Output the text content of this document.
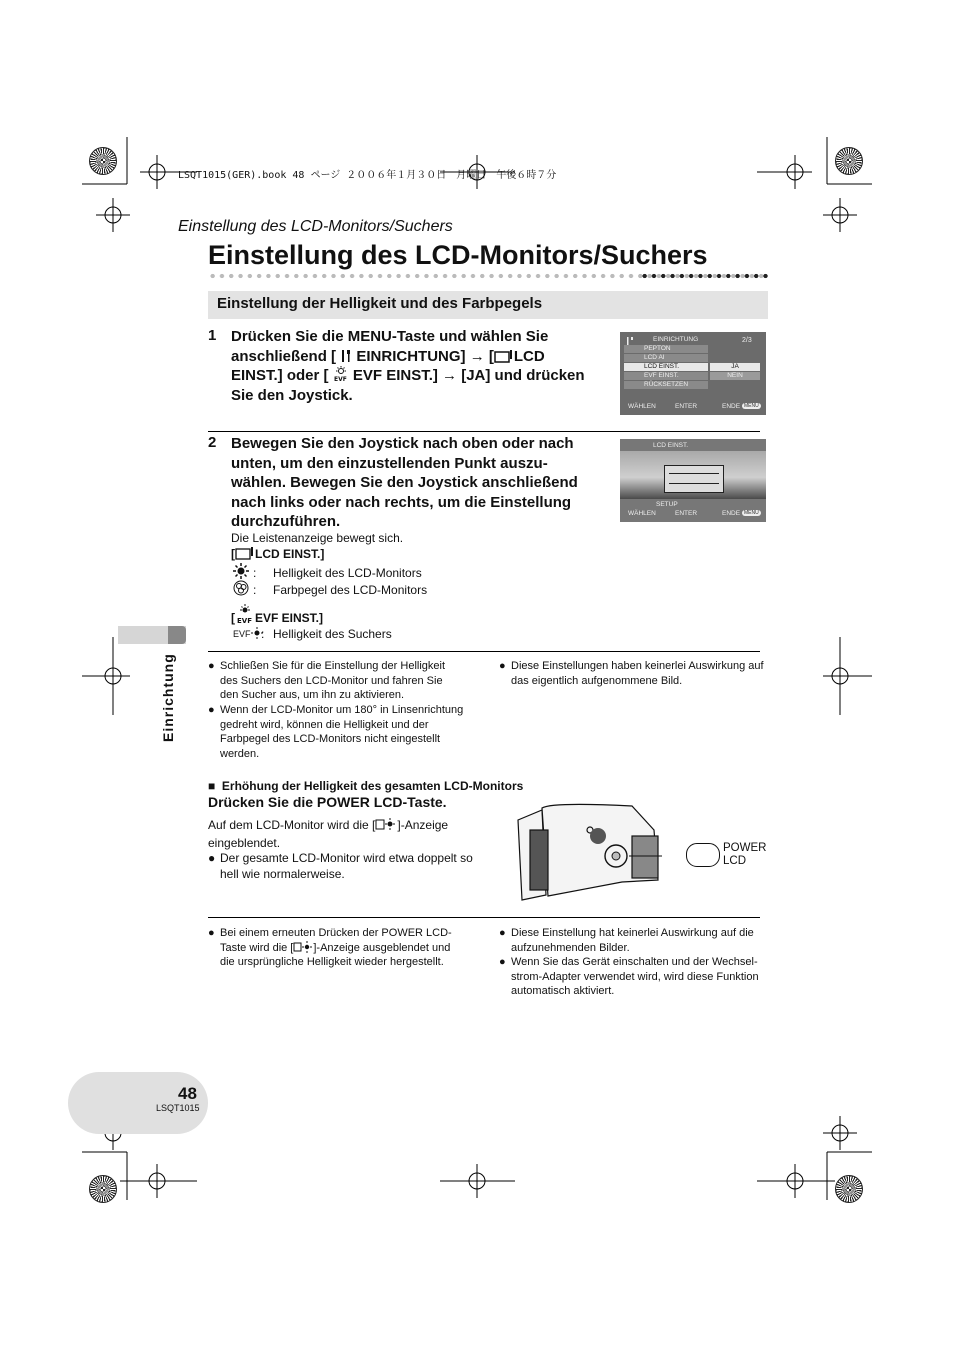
LSQT1015(GER).book 48 ページ ２００６年１月３０日　月曜日　午後６時７分
Einstellung des LCD-Monitors/Suchers
Einstellung des LCD-Monitors/Suchers
Einstellung der Helligkeit und des Farbpegels
1 Drücken Sie die MENU-Taste und wählen Sie
anschließend [ EINRICHTUNG] → [ LCD
EINST.] oder [ EVF EVF EINST.] → [JA] und drücken
Sie den Joystick.
EINRICHTUNG	2/3
PEPTON
LCD AI
LCD EINST.
EVF EINST.
RÜCKSETZEN
JA
NEIN
WÄHLEN	ENTER	ENDE MENU
2 Bewegen Sie den Joystick nach oben oder nach
unten, um den einzustellenden Punkt auszu-
wählen. Bewegen Sie den Joystick anschließend
nach links oder nach rechts, um die Einstellung
durchzuführen.
LCD EINST.
SETUP
WÄHLEN	ENTER	ENDE MENU
Die Leistenanzeige bewegt sich.
[ LCD EINST.]
: Helligkeit des LCD-Monitors
: Farbpegel des LCD-Monitors
[ EVF EVF EINST.]
EVF : Helligkeit des Suchers
Einrichtung	● Schließen Sie für die Einstellung der Helligkeit
des Suchers den LCD-Monitor und fahren Sie
den Sucher aus, um ihn zu aktivieren.
● Wenn der LCD-Monitor um 180° in Linsenrichtung
gedreht wird, können die Helligkeit und der
Farbpegel des LCD-Monitors nicht eingestellt
werden.
● Diese Einstellungen haben keinerlei Auswirkung auf
das eigentlich aufgenommene Bild.
■ Erhöhung der Helligkeit des gesamten LCD-Monitors
Drücken Sie die POWER LCD-Taste.
Auf dem LCD-Monitor wird die [ ]-Anzeige
eingeblendet.
● Der gesamte LCD-Monitor wird etwa doppelt so
hell wie normalerweise.
POWER
LCD
● Bei einem erneuten Drücken der POWER LCD-
Taste wird die [ ]-Anzeige ausgeblendet und
die ursprüngliche Helligkeit wieder hergestellt.
● Diese Einstellung hat keinerlei Auswirkung auf die
aufzunehmenden Bilder.
● Wenn Sie das Gerät einschalten und der Wechsel-
strom-Adapter verwendet wird, wird diese Funktion
automatisch aktiviert.
48
LSQT1015
